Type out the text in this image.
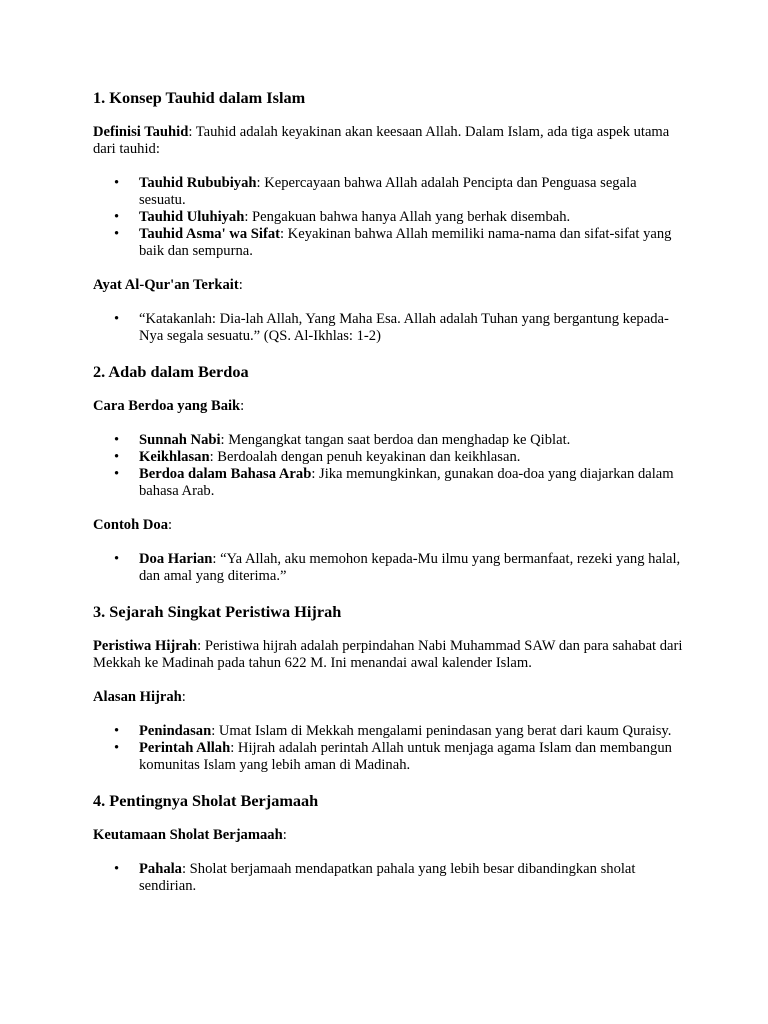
1. Konsep Tauhid dalam Islam

Definisi Tauhid: Tauhid adalah keyakinan akan keesaan Allah. Dalam Islam, ada tiga aspek utama dari tauhid:

• Tauhid Rububiyah: Kepercayaan bahwa Allah adalah Pencipta dan Penguasa segala sesuatu.
• Tauhid Uluhiyah: Pengakuan bahwa hanya Allah yang berhak disembah.
• Tauhid Asma' wa Sifat: Keyakinan bahwa Allah memiliki nama-nama dan sifat-sifat yang baik dan sempurna.

Ayat Al-Qur'an Terkait:

• “Katakanlah: Dia-lah Allah, Yang Maha Esa. Allah adalah Tuhan yang bergantung kepada-Nya segala sesuatu.” (QS. Al-Ikhlas: 1-2)
2. Adab dalam Berdoa

Cara Berdoa yang Baik:

• Sunnah Nabi: Mengangkat tangan saat berdoa dan menghadap ke Qiblat.
• Keikhlasan: Berdoalah dengan penuh keyakinan dan keikhlasan.
• Berdoa dalam Bahasa Arab: Jika memungkinkan, gunakan doa-doa yang diajarkan dalam bahasa Arab.

Contoh Doa:

• Doa Harian: “Ya Allah, aku memohon kepada-Mu ilmu yang bermanfaat, rezeki yang halal, dan amal yang diterima.”
3. Sejarah Singkat Peristiwa Hijrah

Peristiwa Hijrah: Peristiwa hijrah adalah perpindahan Nabi Muhammad SAW dan para sahabat dari Mekkah ke Madinah pada tahun 622 M. Ini menandai awal kalender Islam.

Alasan Hijrah:

• Penindasan: Umat Islam di Mekkah mengalami penindasan yang berat dari kaum Quraisy.
• Perintah Allah: Hijrah adalah perintah Allah untuk menjaga agama Islam dan membangun komunitas Islam yang lebih aman di Madinah.
4. Pentingnya Sholat Berjamaah

Keutamaan Sholat Berjamaah:

• Pahala: Sholat berjamaah mendapatkan pahala yang lebih besar dibandingkan sholat sendirian.
